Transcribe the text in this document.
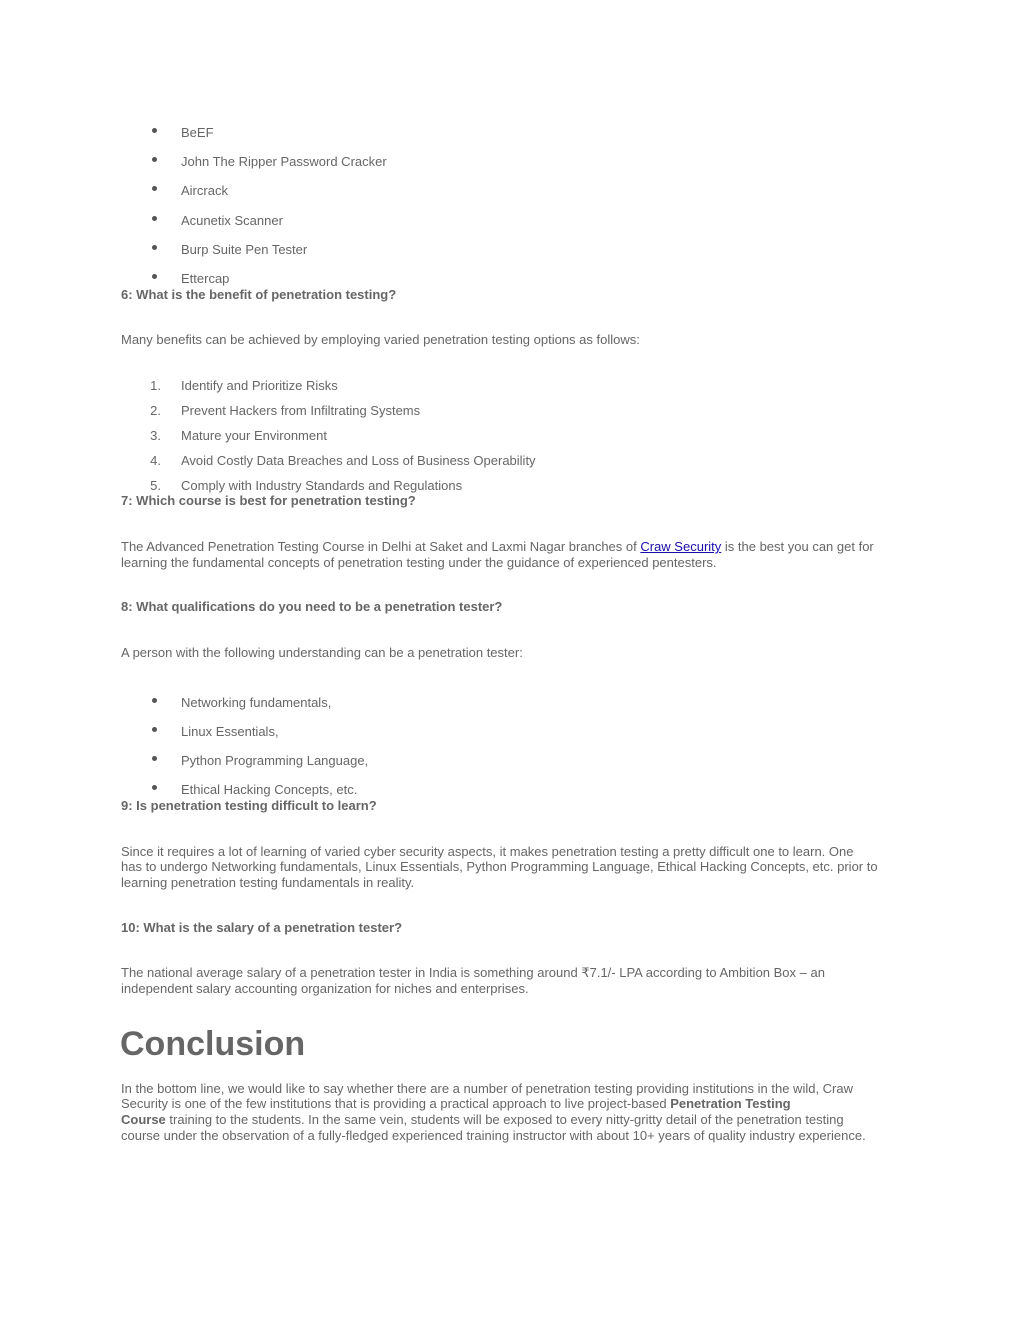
BeEF
John The Ripper Password Cracker
Aircrack
Acunetix Scanner
Burp Suite Pen Tester
Ettercap
6: What is the benefit of penetration testing?
Many benefits can be achieved by employing varied penetration testing options as follows:
1. Identify and Prioritize Risks
2. Prevent Hackers from Infiltrating Systems
3. Mature your Environment
4. Avoid Costly Data Breaches and Loss of Business Operability
5. Comply with Industry Standards and Regulations
7: Which course is best for penetration testing?
The Advanced Penetration Testing Course in Delhi at Saket and Laxmi Nagar branches of Craw Security is the best you can get for learning the fundamental concepts of penetration testing under the guidance of experienced pentesters.
8: What qualifications do you need to be a penetration tester?
A person with the following understanding can be a penetration tester:
Networking fundamentals,
Linux Essentials,
Python Programming Language,
Ethical Hacking Concepts, etc.
9: Is penetration testing difficult to learn?
Since it requires a lot of learning of varied cyber security aspects, it makes penetration testing a pretty difficult one to learn. One
has to undergo Networking fundamentals, Linux Essentials, Python Programming Language, Ethical Hacking Concepts, etc. prior to
learning penetration testing fundamentals in reality.
10: What is the salary of a penetration tester?
The national average salary of a penetration tester in India is something around ₹7.1/- LPA according to Ambition Box – an
independent salary accounting organization for niches and enterprises.
Conclusion
In the bottom line, we would like to say whether there are a number of penetration testing providing institutions in the wild, Craw
Security is one of the few institutions that is providing a practical approach to live project-based Penetration Testing
Course training to the students. In the same vein, students will be exposed to every nitty-gritty detail of the penetration testing
course under the observation of a fully-fledged experienced training instructor with about 10+ years of quality industry experience.
